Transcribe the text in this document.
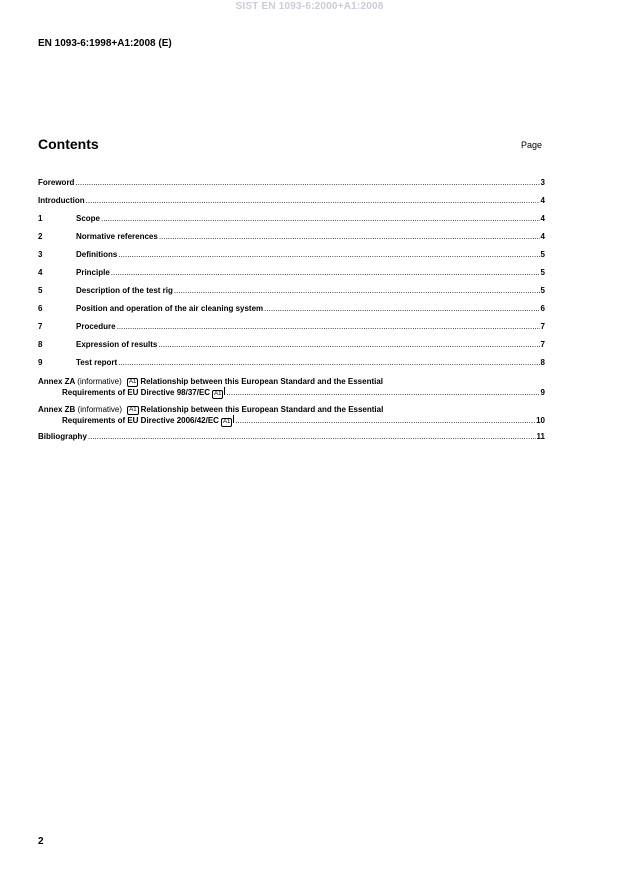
SIST EN 1093-6:2000+A1:2008
EN 1093-6:1998+A1:2008 (E)
Contents	Page
Foreword .....	3
Introduction .....	4
1	Scope .....	4
2	Normative references .....	4
3	Definitions .....	5
4	Principle .....	5
5	Description of the test rig .....	5
6	Position and operation of the air cleaning system .....	6
7	Procedure .....	7
8	Expression of results .....	7
9	Test report .....	8
Annex ZA (informative) A1 Relationship between this European Standard and the Essential
Requirements of EU Directive 98/37/EC A1 .....	9
Annex ZB (informative) A1 Relationship between this European Standard and the Essential
Requirements of EU Directive 2006/42/EC A1 .....	10
Bibliography .....	11
2
